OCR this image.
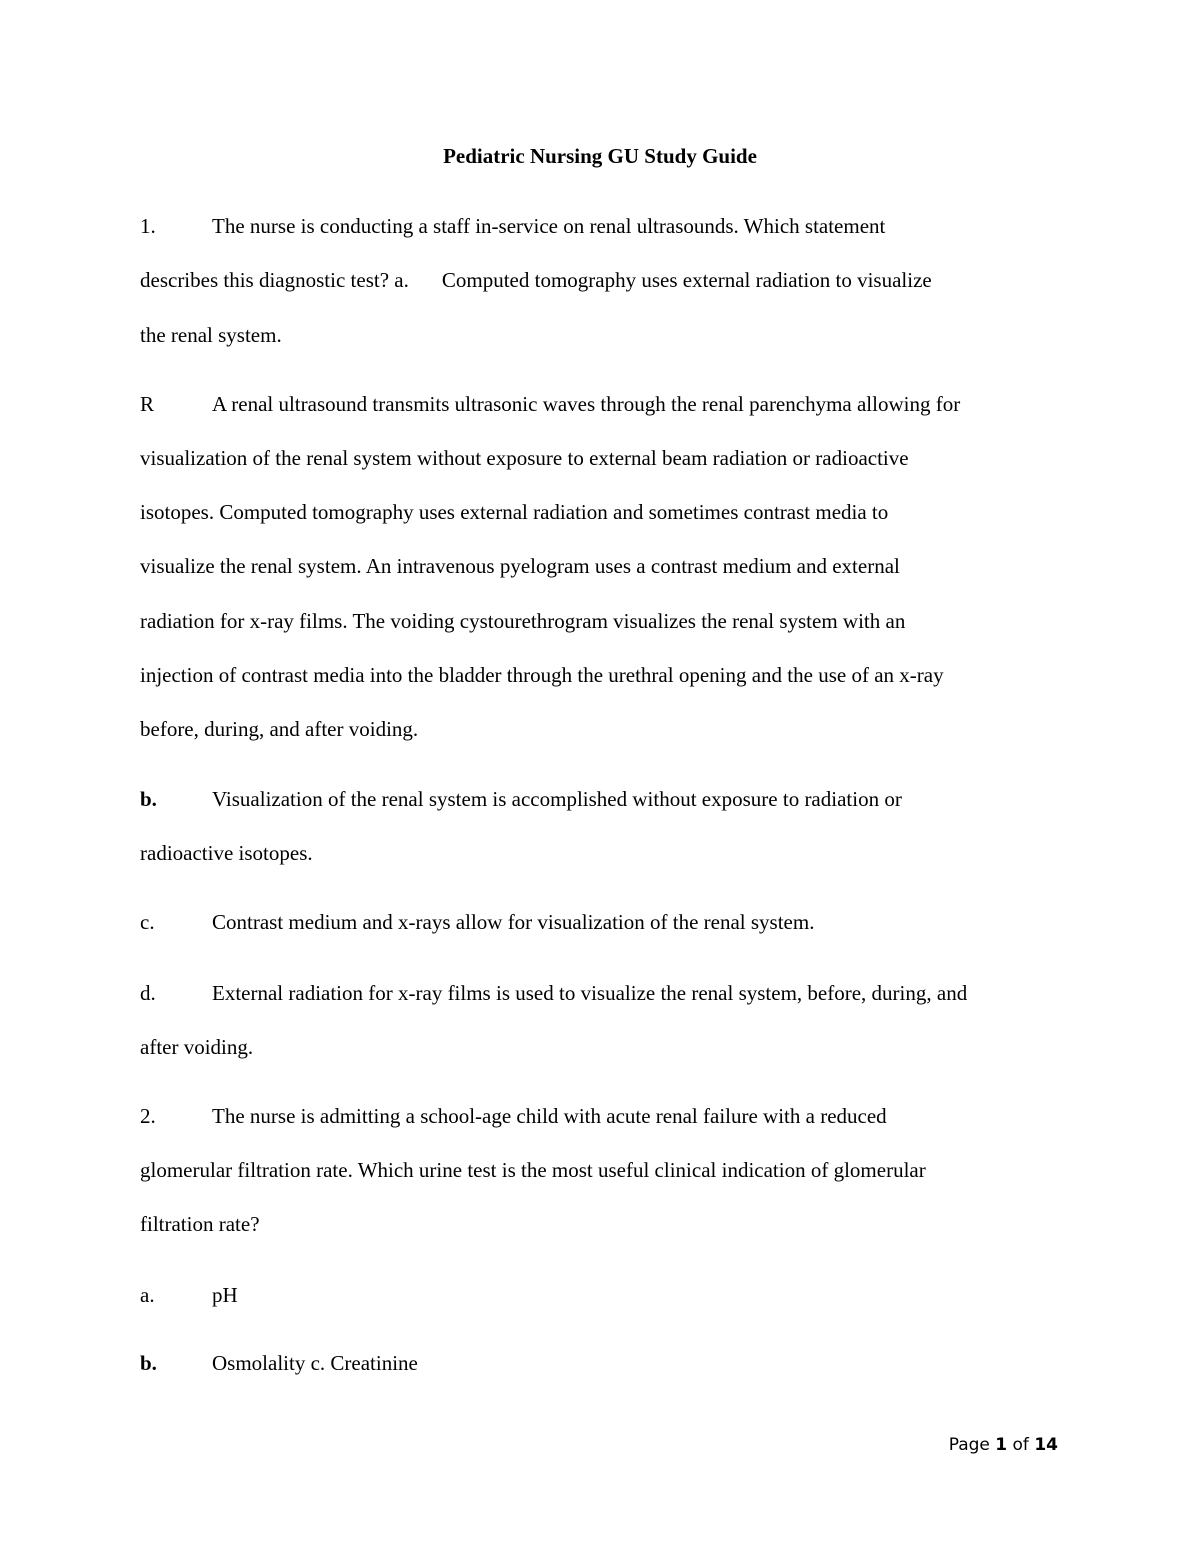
Pediatric Nursing GU Study Guide
1.	The nurse is conducting a staff in-service on renal ultrasounds. Which statement
describes this diagnostic test? a. Computed tomography uses external radiation to visualize
the renal system.
R	A renal ultrasound transmits ultrasonic waves through the renal parenchyma allowing for
visualization of the renal system without exposure to external beam radiation or radioactive
isotopes. Computed tomography uses external radiation and sometimes contrast media to
visualize the renal system. An intravenous pyelogram uses a contrast medium and external
radiation for x-ray films. The voiding cystourethrogram visualizes the renal system with an
injection of contrast media into the bladder through the urethral opening and the use of an x-ray
before, during, and after voiding.
b.	Visualization of the renal system is accomplished without exposure to radiation or
radioactive isotopes.
c.	Contrast medium and x-rays allow for visualization of the renal system.
d.	External radiation for x-ray films is used to visualize the renal system, before, during, and
after voiding.
2.	The nurse is admitting a school-age child with acute renal failure with a reduced
glomerular filtration rate. Which urine test is the most useful clinical indication of glomerular
filtration rate?
a.	pH
b.	Osmolality c. Creatinine
Page 1 of 14
